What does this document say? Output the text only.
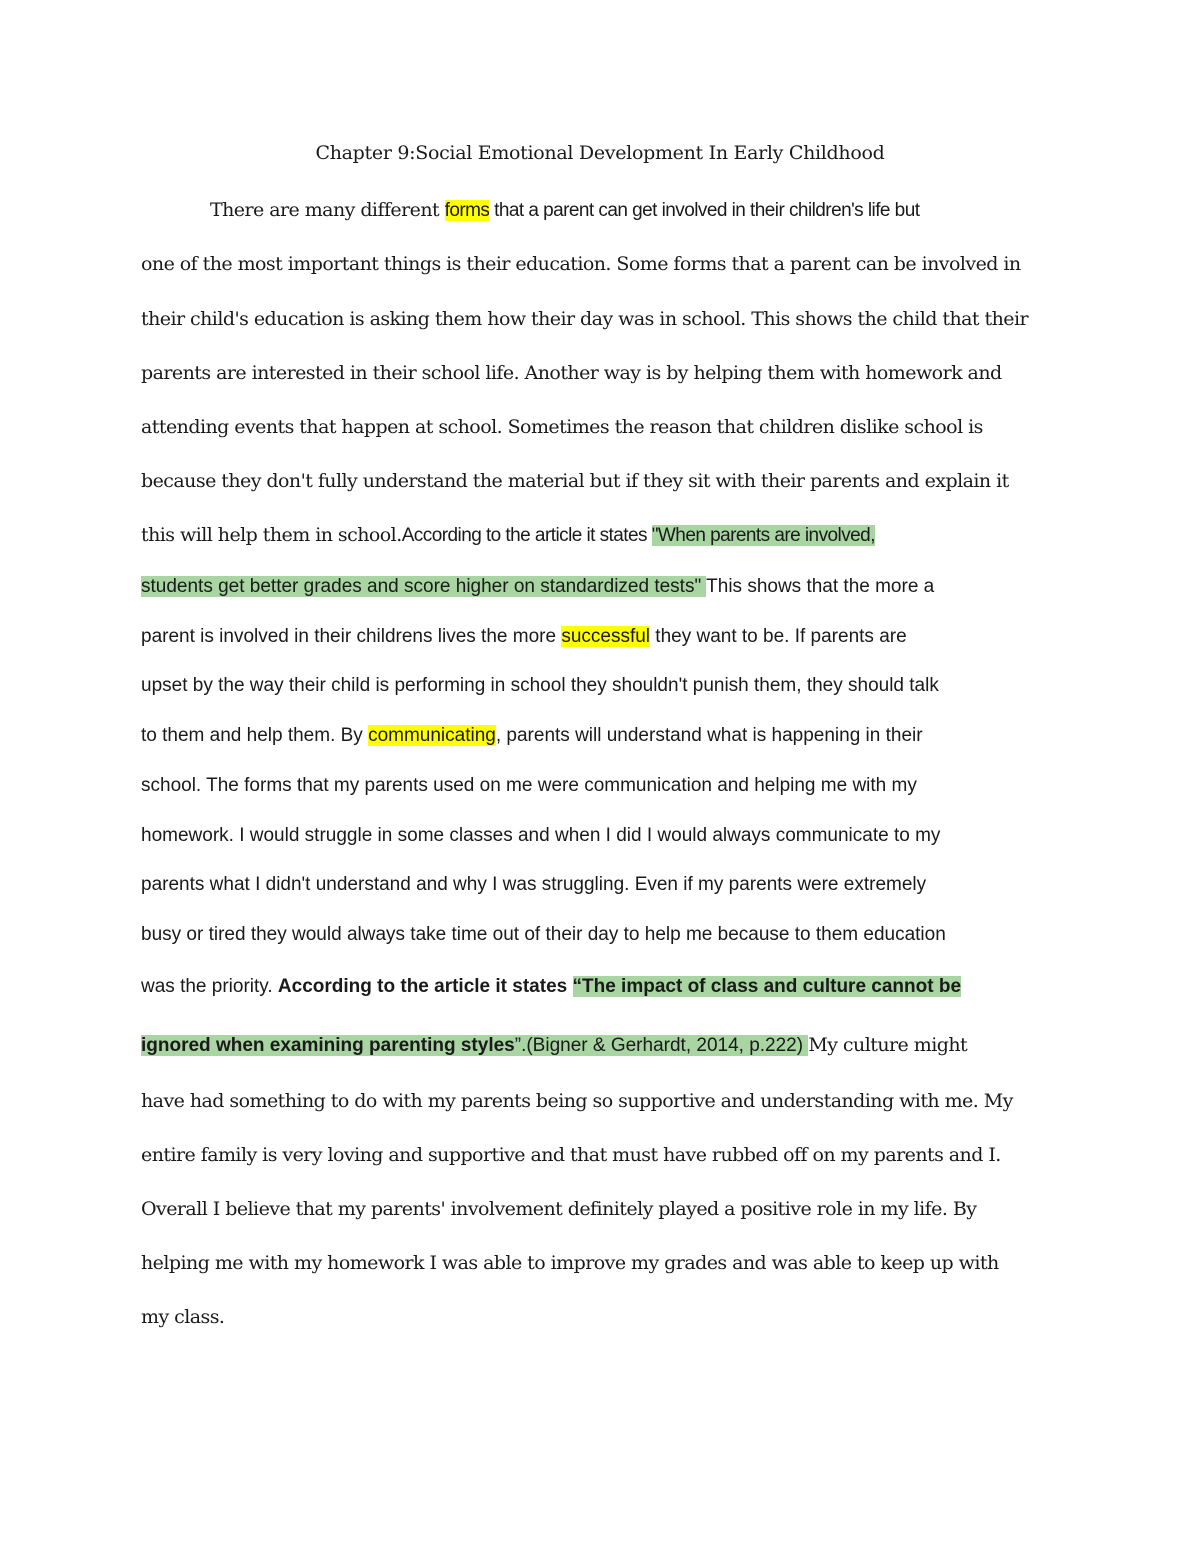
Chapter 9:Social Emotional Development In Early Childhood
There are many different forms that a parent can get involved in their children's life but
one of the most important things is their education. Some forms that a parent can be involved in
their child's education is asking them how their day was in school. This shows the child that their
parents are interested in their school life. Another way is by helping them with homework and
attending events that happen at school. Sometimes the reason that children dislike school is
because they don't fully understand the material but if they sit with their parents and explain it
this will help them in school.According to the article it states "When parents are involved,
students get better grades and score higher on standardized tests" This shows that the more a
parent is involved in their childrens lives the more successful they want to be. If parents are
upset by the way their child is performing in school they shouldn't punish them, they should talk
to them and help them. By communicating, parents will understand what is happening in their
school. The forms that my parents used on me were communication and helping me with my
homework. I would struggle in some classes and when I did I would always communicate to my
parents what I didn't understand and why I was struggling. Even if my parents were extremely
busy or tired they would always take time out of their day to help me because to them education
was the priority. According to the article it states “The impact of class and culture cannot be
ignored when examining parenting styles”.(Bigner & Gerhardt, 2014, p.222) My culture might
have had something to do with my parents being so supportive and understanding with me. My
entire family is very loving and supportive and that must have rubbed off on my parents and I.
Overall I believe that my parents' involvement definitely played a positive role in my life. By
helping me with my homework I was able to improve my grades and was able to keep up with
my class.
